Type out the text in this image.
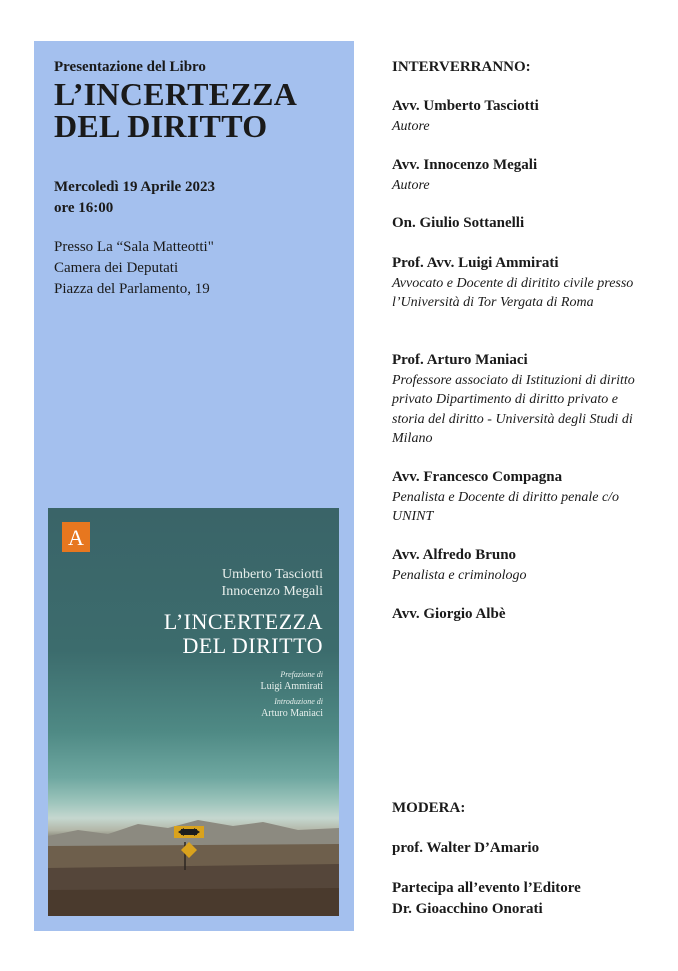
Presentazione del Libro
L’INCERTEZZA
DEL DIRITTO
Mercoledì 19 Aprile 2023
ore 16:00
Presso La “Sala Matteotti"
Camera dei Deputati
Piazza del Parlamento, 19
A
Umberto Tasciotti
Innocenzo Megali
L’INCERTEZZA
DEL DIRITTO
Prefazione di
Luigi Ammirati
Introduzione di
Arturo Maniaci
INTERVERRANNO:
Avv. Umberto Tasciotti
Autore
Avv. Innocenzo Megali
Autore
On. Giulio Sottanelli
Prof. Avv. Luigi Ammirati
Avvocato e Docente di diritito civile presso l’Università di Tor Vergata di Roma
Prof. Arturo Maniaci
Professore associato di Istituzioni di diritto privato Dipartimento di diritto privato e storia del diritto - Università degli Studi di Milano
Avv. Francesco Compagna
Penalista e Docente di diritto penale c/o UNINT
Avv. Alfredo Bruno
Penalista e criminologo
Avv. Giorgio Albè
MODERA:
prof. Walter D’Amario
Partecipa all’evento l’Editore
Dr. Gioacchino Onorati
